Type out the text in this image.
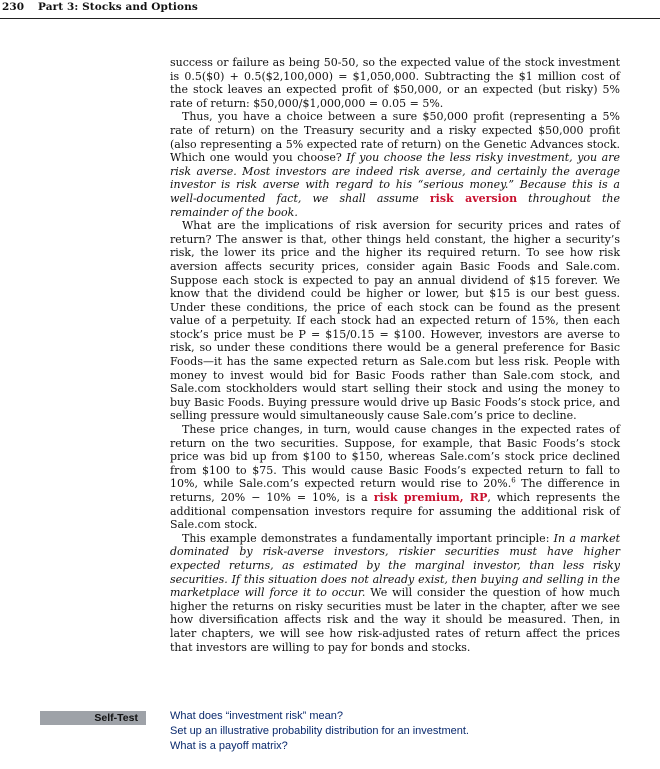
230 Part 3: Stocks and Options

success or failure as being 50-50, so the expected value of the stock investment is 0.5($0) + 0.5($2,100,000) = $1,050,000. Subtracting the $1 million cost of the stock leaves an expected profit of $50,000, or an expected (but risky) 5% rate of return: $50,000/$1,000,000 = 0.05 = 5%.

Thus, you have a choice between a sure $50,000 profit (representing a 5% rate of return) on the Treasury security and a risky expected $50,000 profit (also representing a 5% expected rate of return) on the Genetic Advances stock. Which one would you choose? If you choose the less risky investment, you are risk averse. Most investors are indeed risk averse, and certainly the average investor is risk averse with regard to his “serious money.” Because this is a well-documented fact, we shall assume risk aversion throughout the remainder of the book.

What are the implications of risk aversion for security prices and rates of return? The answer is that, other things held constant, the higher a security’s risk, the lower its price and the higher its required return. To see how risk aversion affects security prices, consider again Basic Foods and Sale.com. Suppose each stock is expected to pay an annual dividend of $15 forever. We know that the dividend could be higher or lower, but $15 is our best guess. Under these conditions, the price of each stock can be found as the present value of a perpetuity. If each stock had an expected return of 15%, then each stock’s price must be P = $15/0.15 = $100. However, investors are averse to risk, so under these conditions there would be a general preference for Basic Foods—it has the same expected return as Sale.com but less risk. People with money to invest would bid for Basic Foods rather than Sale.com stock, and Sale.com stockholders would start selling their stock and using the money to buy Basic Foods. Buying pressure would drive up Basic Foods’s stock price, and selling pressure would simultaneously cause Sale.com’s price to decline.

These price changes, in turn, would cause changes in the expected rates of return on the two securities. Suppose, for example, that Basic Foods’s stock price was bid up from $100 to $150, whereas Sale.com’s stock price declined from $100 to $75. This would cause Basic Foods’s expected return to fall to 10%, while Sale.com’s expected return would rise to 20%.$^6$ The difference in returns, 20% − 10% = 10%, is a risk premium, RP, which represents the additional compensation investors require for assuming the additional risk of Sale.com stock.

This example demonstrates a fundamentally important principle: In a market dominated by risk-averse investors, riskier securities must have higher expected returns, as estimated by the marginal investor, than less risky securities. If this situation does not already exist, then buying and selling in the marketplace will force it to occur. We will consider the question of how much higher the returns on risky securities must be later in the chapter, after we see how diversification affects risk and the way it should be measured. Then, in later chapters, we will see how risk-adjusted rates of return affect the prices that investors are willing to pay for bonds and stocks.

Self-Test	What does “investment risk” mean?
Set up an illustrative probability distribution for an investment.
What is a payoff matrix?
